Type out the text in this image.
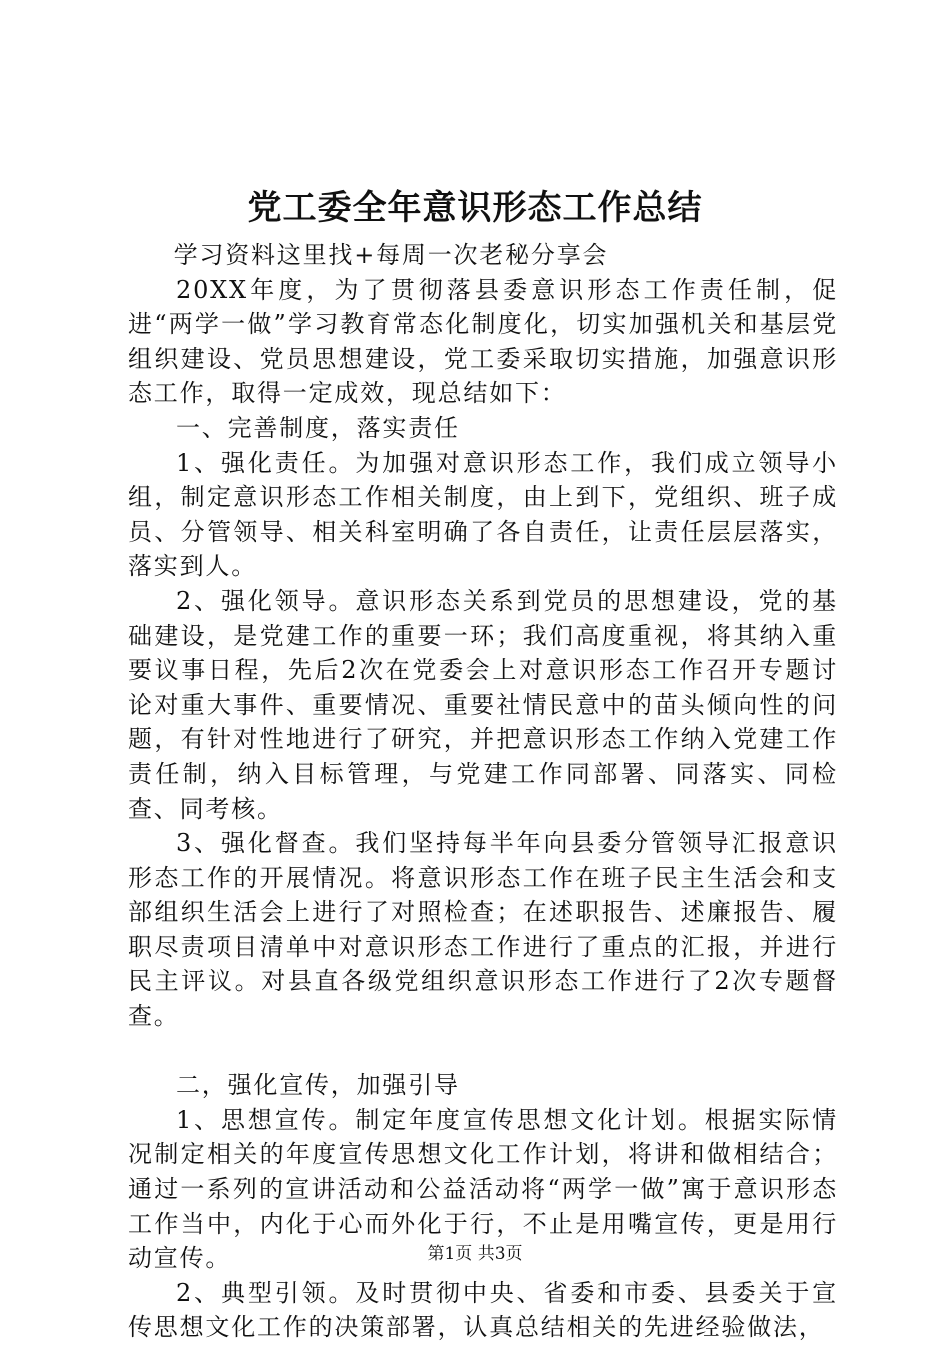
党工委全年意识形态工作总结

学习资料这里找+每周一次老秘分享会

20XX年度，为了贯彻落县委意识形态工作责任制，促进“两学一做”学习教育常态化制度化，切实加强机关和基层党组织建设、党员思想建设，党工委采取切实措施，加强意识形态工作，取得一定成效，现总结如下：

一、完善制度，落实责任

1、强化责任。为加强对意识形态工作，我们成立领导小组，制定意识形态工作相关制度，由上到下，党组织、班子成员、分管领导、相关科室明确了各自责任，让责任层层落实，落实到人。

2、强化领导。意识形态关系到党员的思想建设，党的基础建设，是党建工作的重要一环；我们高度重视，将其纳入重要议事日程，先后2次在党委会上对意识形态工作召开专题讨论对重大事件、重要情况、重要社情民意中的苗头倾向性的问题，有针对性地进行了研究，并把意识形态工作纳入党建工作责任制，纳入目标管理，与党建工作同部署、同落实、同检查、同考核。

3、强化督查。我们坚持每半年向县委分管领导汇报意识形态工作的开展情况。将意识形态工作在班子民主生活会和支部组织生活会上进行了对照检查；在述职报告、述廉报告、履职尽责项目清单中对意识形态工作进行了重点的汇报，并进行民主评议。对县直各级党组织意识形态工作进行了2次专题督查。

二，强化宣传，加强引导

1、思想宣传。制定年度宣传思想文化计划。根据实际情况制定相关的年度宣传思想文化工作计划，将讲和做相结合；通过一系列的宣讲活动和公益活动将“两学一做”寓于意识形态工作当中，内化于心而外化于行，不止是用嘴宣传，更是用行动宣传。

2、典型引领。及时贯彻中央、省委和市委、县委关于宣传思想文化工作的决策部署，认真总结相关的先进经验做法，

第1页 共3页
